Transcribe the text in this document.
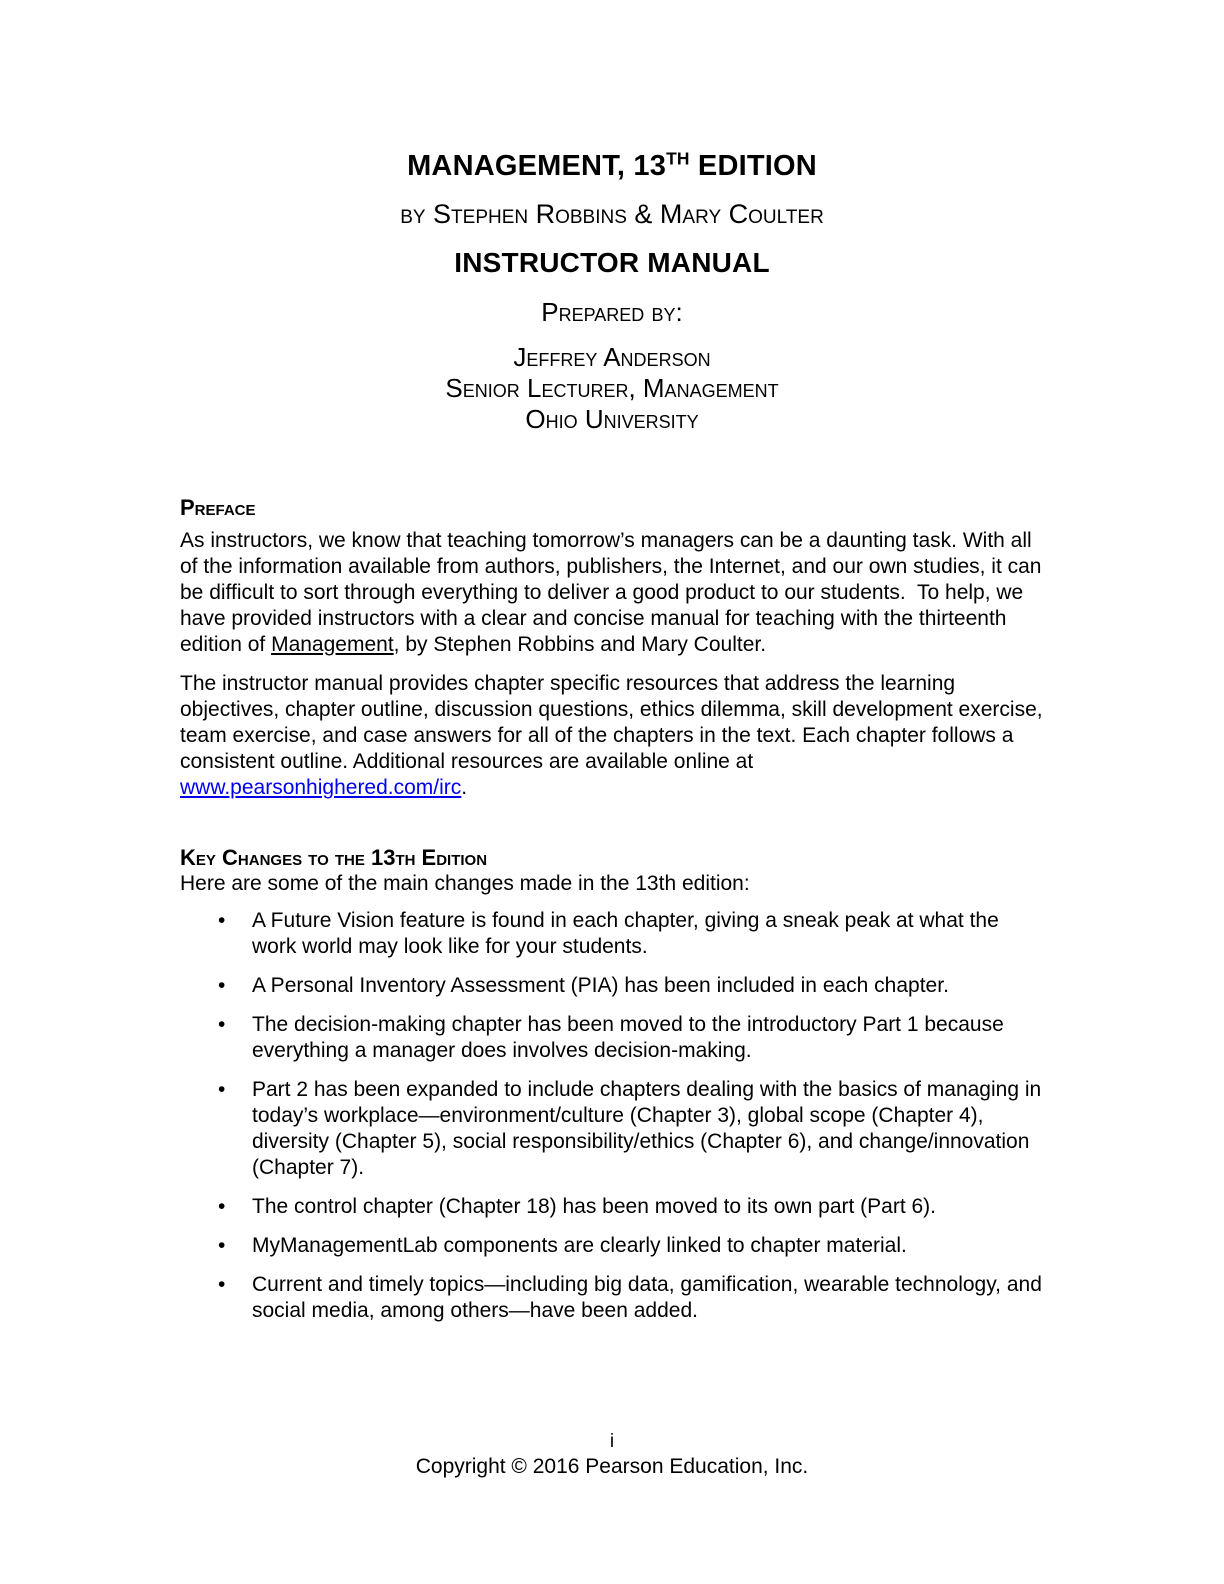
MANAGEMENT, 13TH EDITION

by Stephen Robbins & Mary Coulter

INSTRUCTOR MANUAL

Prepared by:

Jeffrey Anderson
Senior Lecturer, Management
Ohio University
Preface

As instructors, we know that teaching tomorrow’s managers can be a daunting task. With all of the information available from authors, publishers, the Internet, and our own studies, it can be difficult to sort through everything to deliver a good product to our students.  To help, we have provided instructors with a clear and concise manual for teaching with the thirteenth edition of Management, by Stephen Robbins and Mary Coulter.

The instructor manual provides chapter specific resources that address the learning objectives, chapter outline, discussion questions, ethics dilemma, skill development exercise, team exercise, and case answers for all of the chapters in the text. Each chapter follows a consistent outline. Additional resources are available online at www.pearsonhighered.com/irc.

Key Changes to the 13th Edition

Here are some of the main changes made in the 13th edition:

• A Future Vision feature is found in each chapter, giving a sneak peak at what the work world may look like for your students.
• A Personal Inventory Assessment (PIA) has been included in each chapter.
• The decision-making chapter has been moved to the introductory Part 1 because everything a manager does involves decision-making.
• Part 2 has been expanded to include chapters dealing with the basics of managing in today’s workplace—environment/culture (Chapter 3), global scope (Chapter 4), diversity (Chapter 5), social responsibility/ethics (Chapter 6), and change/innovation (Chapter 7).
• The control chapter (Chapter 18) has been moved to its own part (Part 6).
• MyManagementLab components are clearly linked to chapter material.
• Current and timely topics—including big data, gamification, wearable technology, and social media, among others—have been added.
i
Copyright © 2016 Pearson Education, Inc.
